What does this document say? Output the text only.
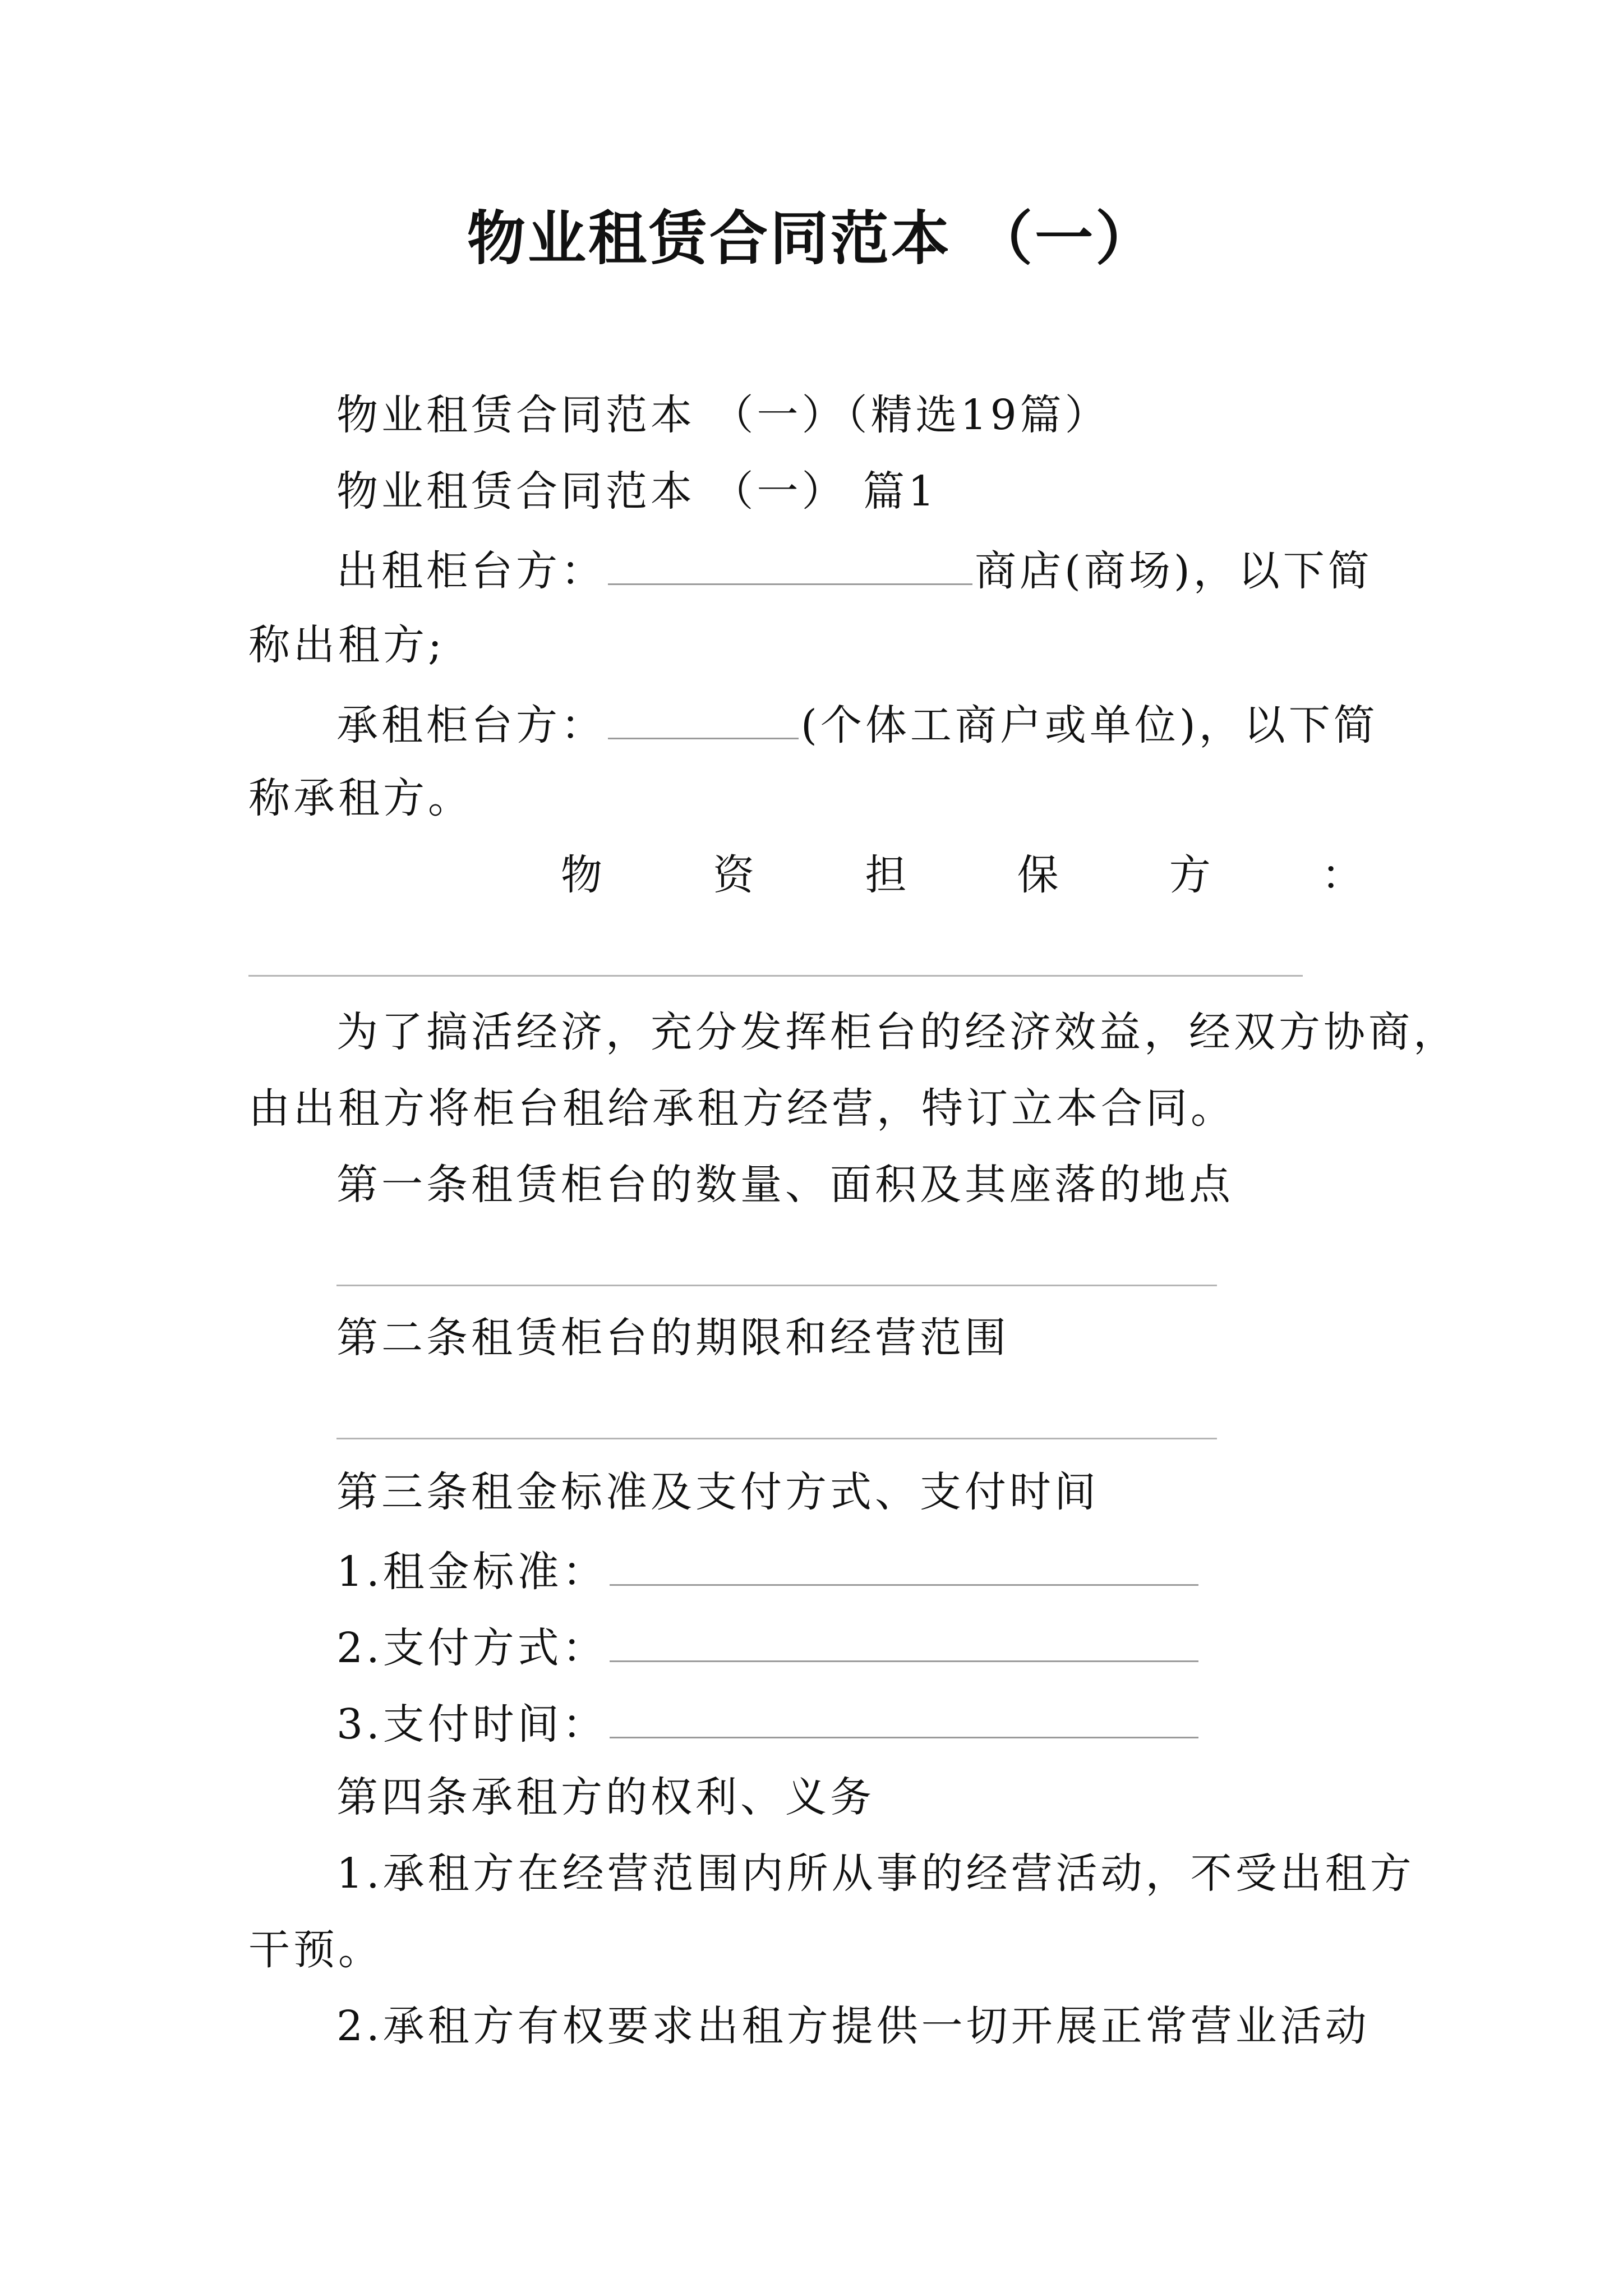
物业租赁合同范本 （一）
物业租赁合同范本 （一）（精选19篇）
物业租赁合同范本 （一） 篇1
出租柜台方：	商店(商场)，以下简
称出租方;
承租柜台方：	(个体工商户或单位)，以下简
称承租方。
物	资	担	保	方	：
为了搞活经济，充分发挥柜台的经济效益，经双方协商，
由出租方将柜台租给承租方经营，特订立本合同。
第一条租赁柜台的数量、面积及其座落的地点
第二条租赁柜台的期限和经营范围
第三条租金标准及支付方式、支付时间
1.租金标准：
2.支付方式：
3.支付时间：
第四条承租方的权利、义务
1.承租方在经营范围内所从事的经营活动，不受出租方
干预。
2.承租方有权要求出租方提供一切开展正常营业活动
